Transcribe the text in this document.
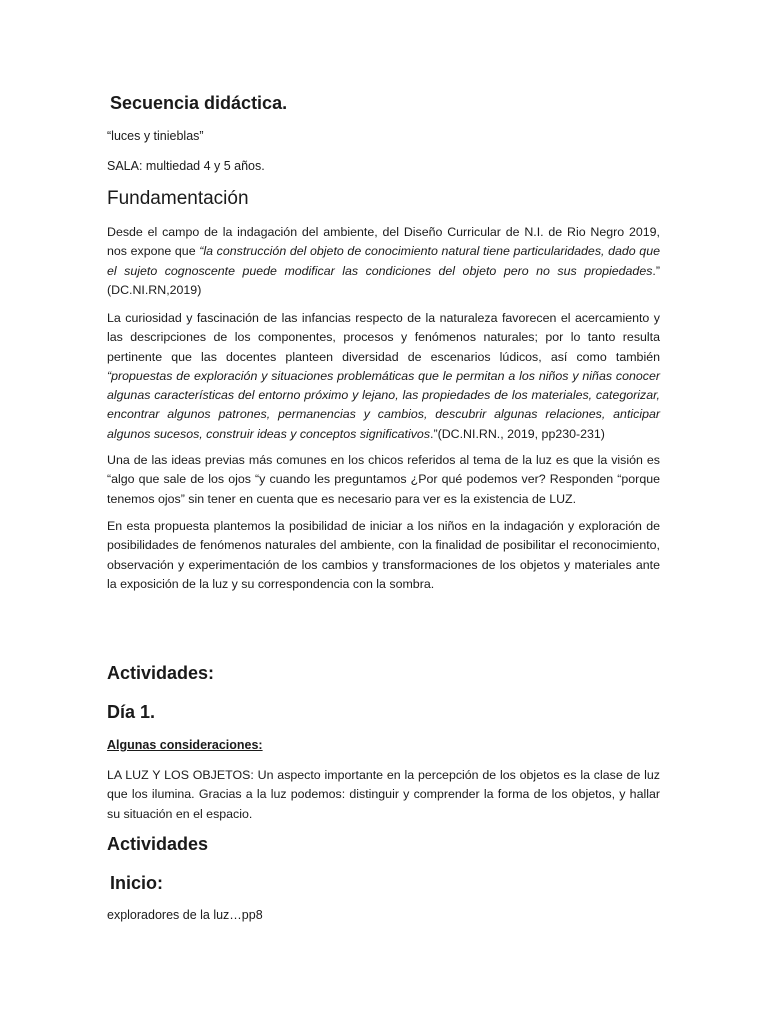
Secuencia didáctica.

“luces y tinieblas”

SALA: multiedad 4 y 5 años.

Fundamentación

Desde el campo de la indagación del ambiente, del Diseño Curricular de N.I. de Rio Negro 2019, nos expone que “la construcción del objeto de conocimiento natural tiene particularidades, dado que el sujeto cognoscente puede modificar las condiciones del objeto pero no sus propiedades.” (DC.NI.RN,2019)

La curiosidad y fascinación de las infancias respecto de la naturaleza favorecen el acercamiento y las descripciones de los componentes, procesos y fenómenos naturales; por lo tanto resulta pertinente que las docentes planteen diversidad de escenarios lúdicos, así como también “propuestas de exploración y situaciones problemáticas que le permitan a los niños y niñas conocer algunas características del entorno próximo y lejano, las propiedades de los materiales, categorizar, encontrar algunos patrones, permanencias y cambios, descubrir algunas relaciones, anticipar algunos sucesos, construir ideas y conceptos significativos.”(DC.NI.RN., 2019, pp230-231)

Una de las ideas previas más comunes en los chicos referidos al tema de la luz es que la visión es “algo que sale de los ojos “y cuando les preguntamos ¿Por qué podemos ver? Responden “porque tenemos ojos” sin tener en cuenta que es necesario para ver es la existencia de LUZ.

En esta propuesta plantemos la posibilidad de iniciar a los niños en la indagación y exploración de posibilidades de fenómenos naturales del ambiente, con la finalidad de posibilitar el reconocimiento, observación y experimentación de los cambios y transformaciones de los objetos y materiales ante la exposición de la luz y su correspondencia con la sombra.

Actividades:
Día 1.
Algunas consideraciones:

LA LUZ Y LOS OBJETOS: Un aspecto importante en la percepción de los objetos es la clase de luz que los ilumina. Gracias a la luz podemos: distinguir y comprender la forma de los objetos, y hallar su situación en el espacio.

Actividades
Inicio:

exploradores de la luz…pp8
